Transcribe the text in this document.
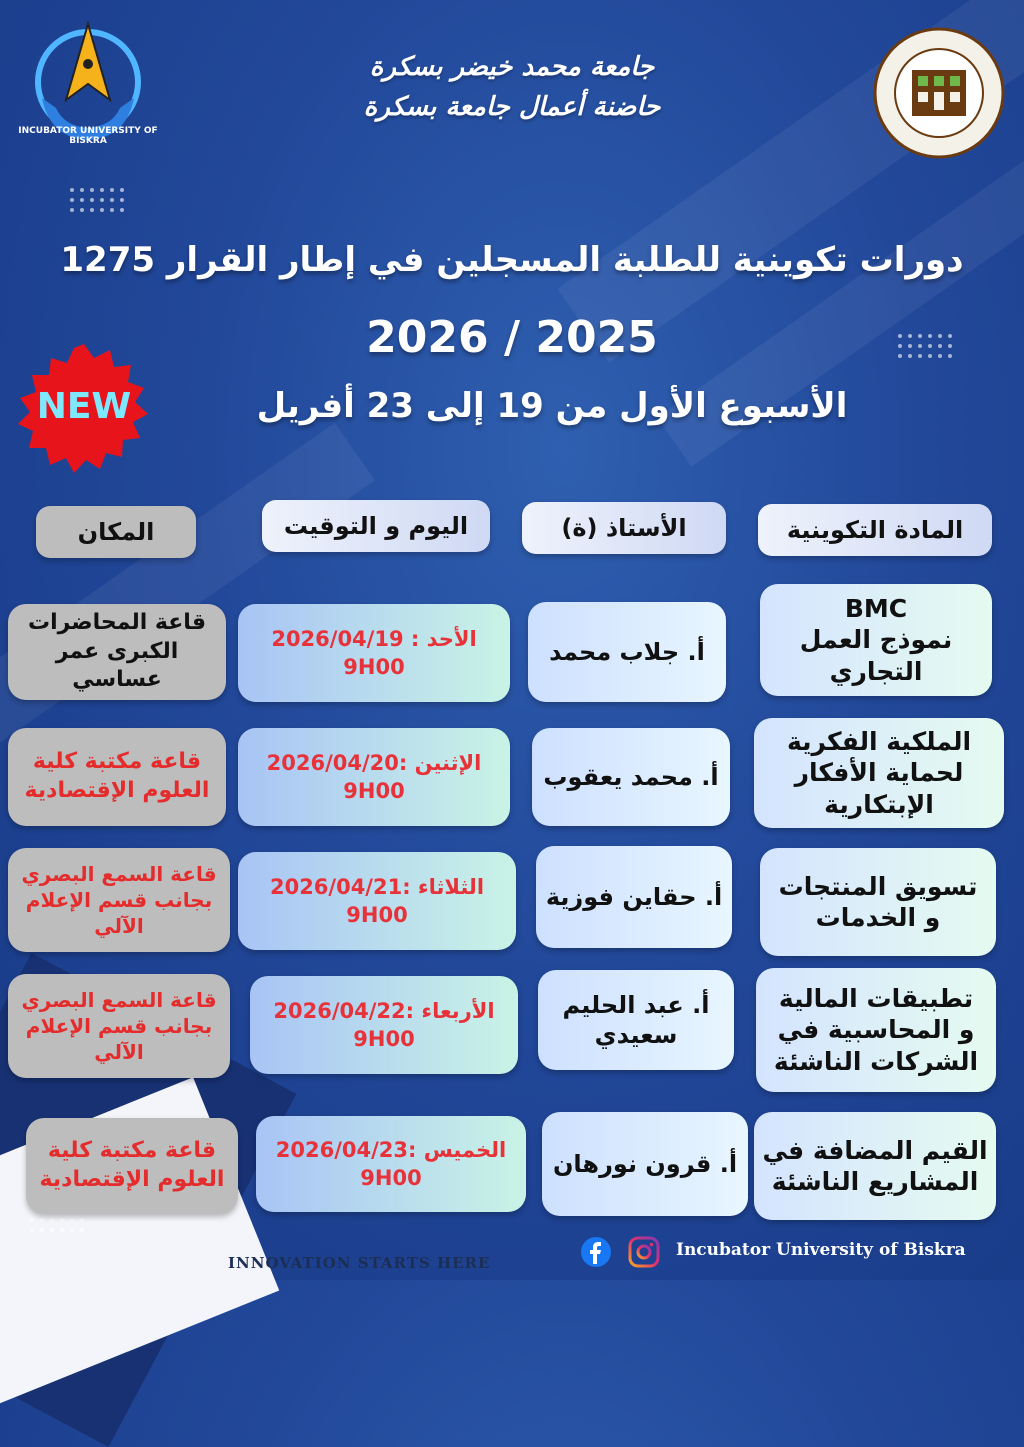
INCUBATOR UNIVERSITY OF BISKRA
جامعة محمد خيضر بسكرة
حاضنة أعمال جامعة بسكرة
دورات تكوينية للطلبة المسجلين في إطار القرار 1275
2026 / 2025
الأسبوع الأول من 19 إلى 23 أفريل
NEW
المادة التكوينية
الأستاذ (ة)
اليوم و التوقيت
المكان
BMC
نموذج العمل
التجاري
أ. جلاب محمد
الأحد : 2026/04/19
9H00
قاعة المحاضرات
الكبرى عمر عساسي
الملكية الفكرية
لحماية الأفكار
الإبتكارية
أ. محمد يعقوب
الإثنين :2026/04/20
9H00
قاعة مكتبة كلية
العلوم الإقتصادية
تسويق المنتجات
و الخدمات
أ. حقاين فوزية
الثلاثاء :2026/04/21
9H00
قاعة السمع البصري
بجانب قسم الإعلام
الآلي
تطبيقات المالية
و المحاسبية في
الشركات الناشئة
أ. عبد الحليم
سعيدي
الأربعاء :2026/04/22
9H00
قاعة السمع البصري
بجانب قسم الإعلام
الآلي
القيم المضافة في
المشاريع الناشئة
أ. قرون نورهان
الخميس :2026/04/23
9H00
قاعة مكتبة كلية
العلوم الإقتصادية
INNOVATION STARTS HERE
Incubator University of Biskra
